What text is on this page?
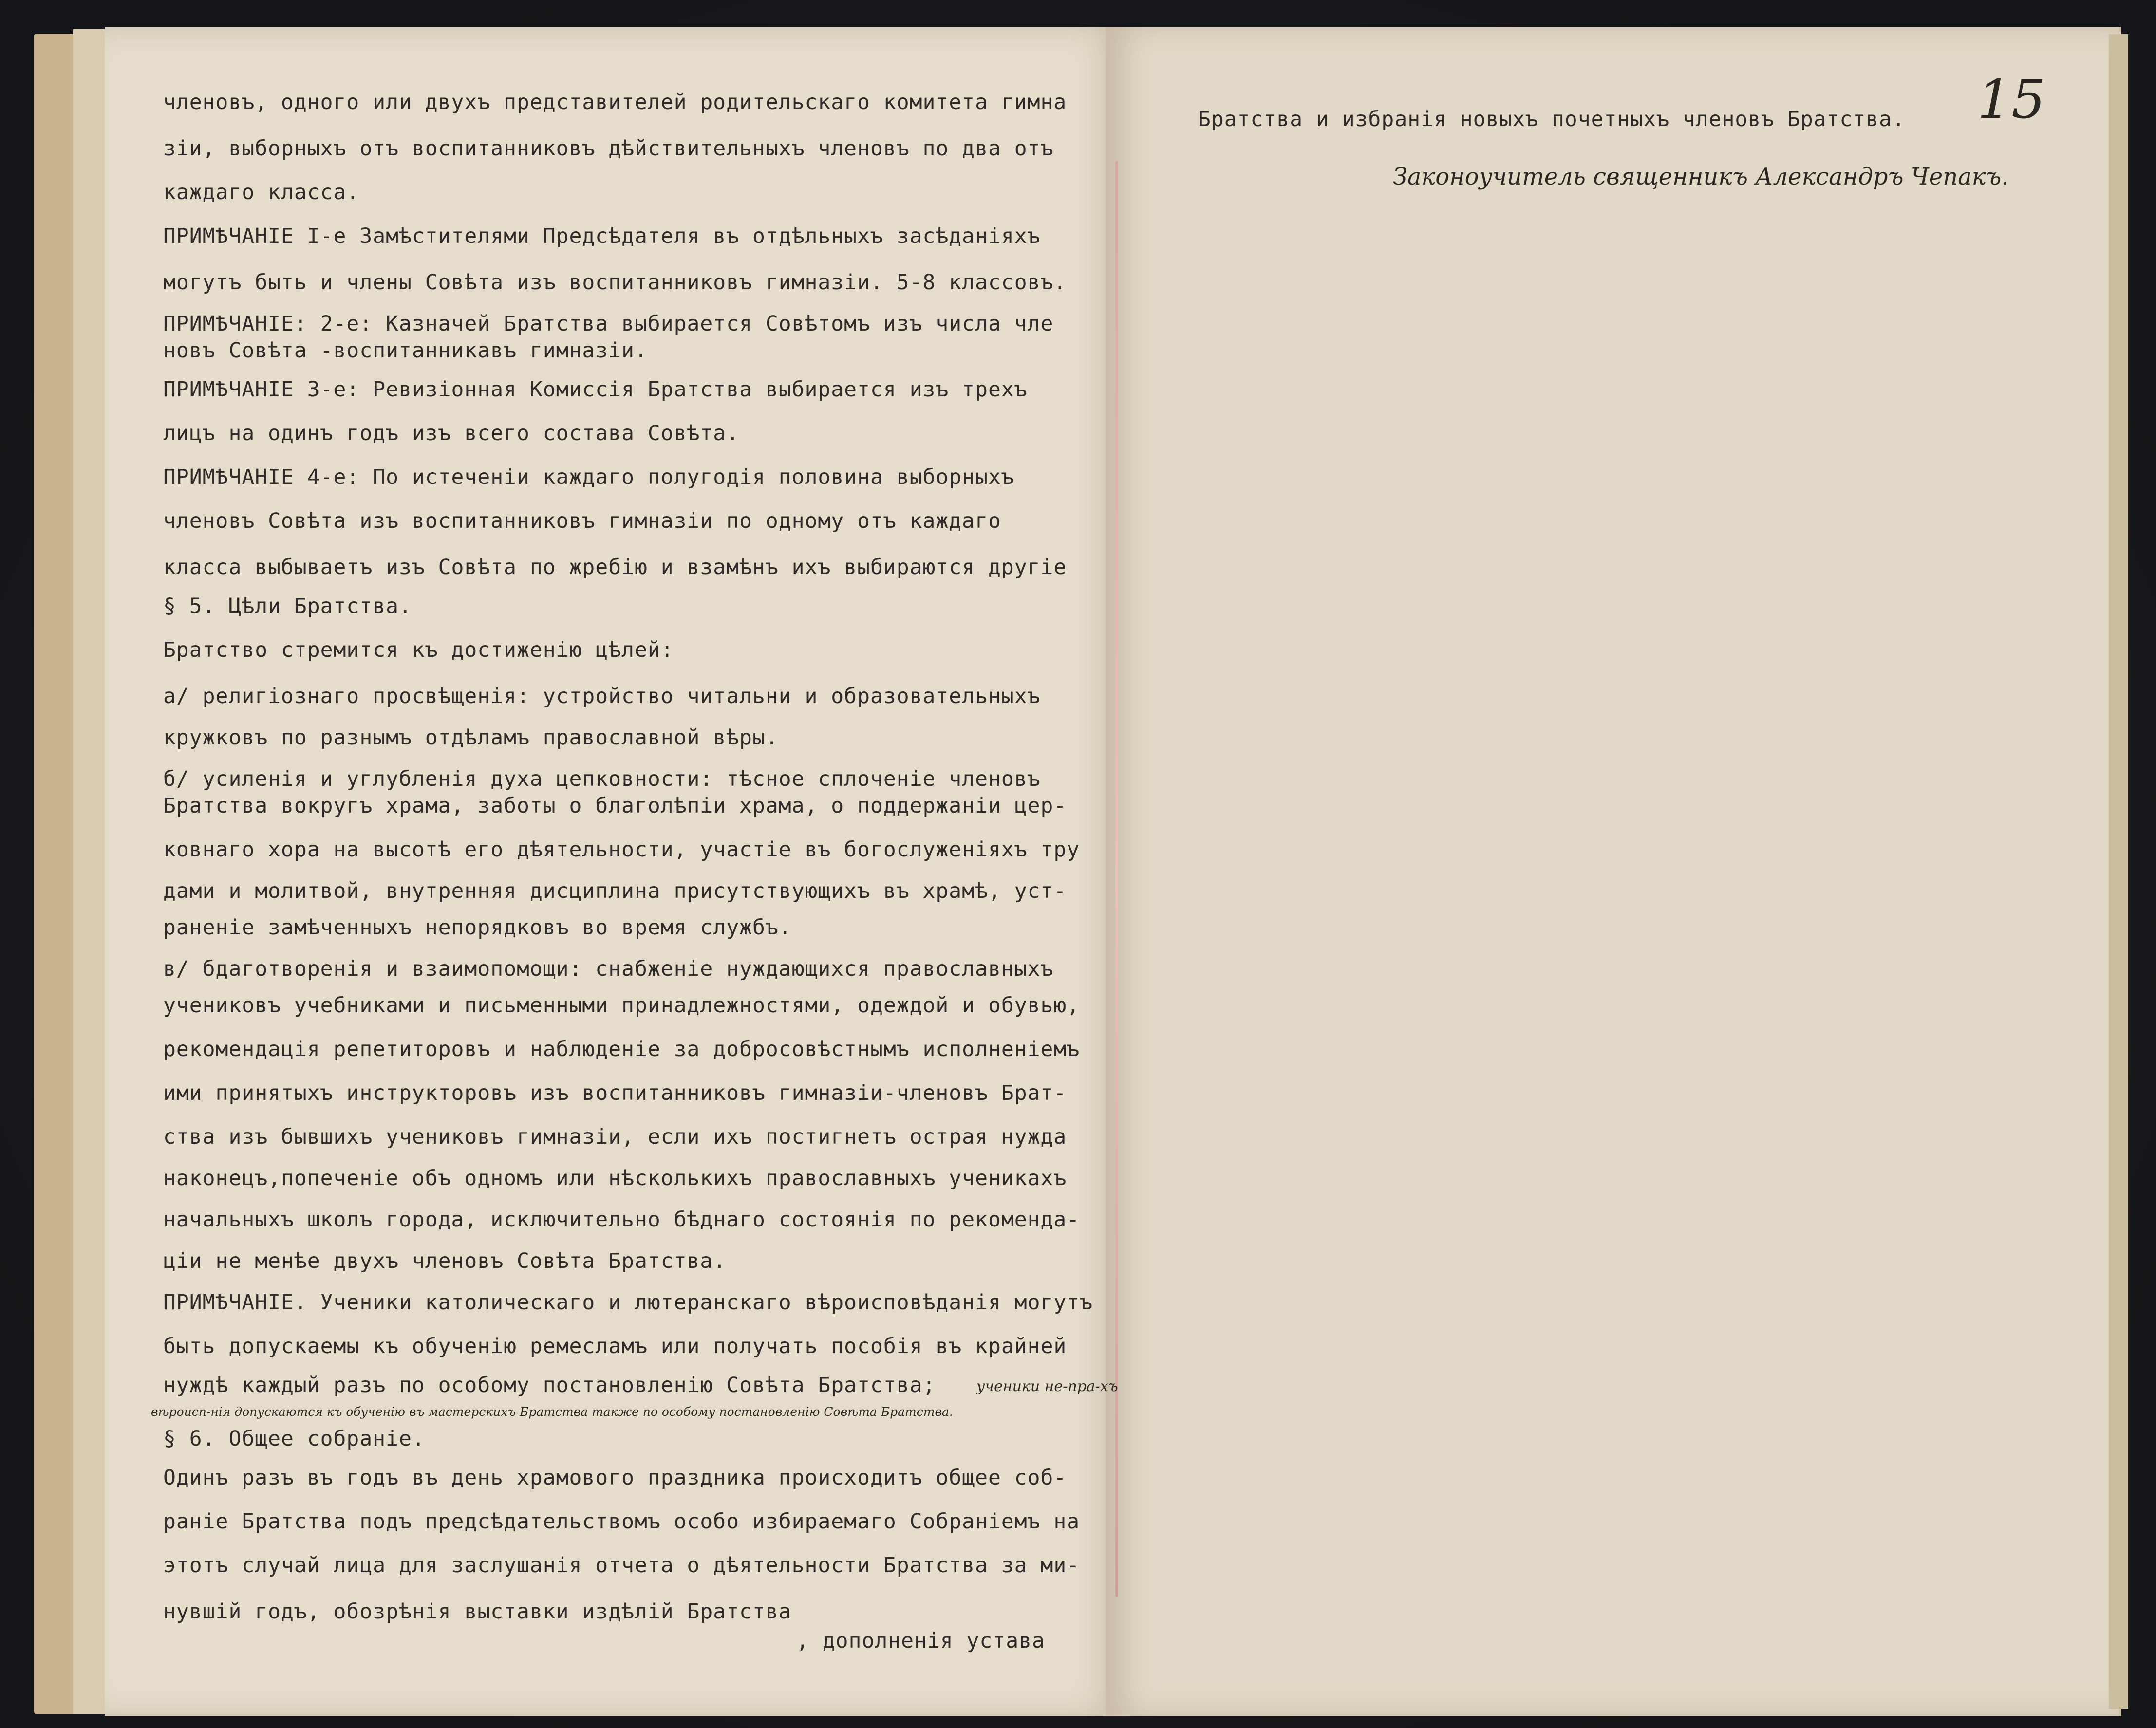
членовъ, одного или двухъ представителей родительскаго комитета гимна
зіи, выборныхъ отъ воспитанниковъ дѣйствительныхъ членовъ по два отъ
каждаго класса.
ПРИМѢЧАНІЕ I-е Замѣстителями Предсѣдателя въ отдѣльныхъ засѣданіяхъ
могутъ быть и члены Совѣта изъ воспитанниковъ гимназіи. 5-8 классовъ.
ПРИМѢЧАНІЕ: 2-е: Казначей Братства выбирается Совѣтомъ изъ числа чле
новъ Совѣта -воспитанникавъ гимназіи.
ПРИМѢЧАНІЕ 3-е: Ревизіонная Комиссія Братства выбирается изъ трехъ
лицъ на одинъ годъ изъ всего состава Совѣта.
ПРИМѢЧАНІЕ 4-е: По истеченіи каждаго полугодія половина выборныхъ
членовъ Совѣта изъ воспитанниковъ гимназіи по одному отъ каждаго
класса выбываетъ изъ Совѣта по жребію и взамѣнъ ихъ выбираются другіе
§ 5. Цѣли Братства.
Братство стремится къ достиженію цѣлей:
а/ религіознаго просвѣщенія: устройство читальни и образовательныхъ
кружковъ по разнымъ отдѣламъ православной вѣры.
б/ усиленія и углубленія духа цепковности: тѣсное сплоченіе членовъ
Братства вокругъ храма, заботы о благолѣпіи храма, о поддержаніи цер-
ковнаго хора на высотѣ его дѣятельности, участіе въ богослуженіяхъ тру
дами и молитвой, внутренняя дисциплина присутствующихъ въ храмѣ, уст-
раненіе замѣченныхъ непорядковъ во время службъ.
в/ бдаготворенія и взаимопомощи: снабженіе нуждающихся православныхъ
учениковъ учебниками и письменными принадлежностями, одеждой и обувью,
рекомендація репетиторовъ и наблюденіе за добросовѣстнымъ исполненіемъ
ими принятыхъ инструкторовъ изъ воспитанниковъ гимназіи-членовъ Брат-
ства изъ бывшихъ учениковъ гимназіи, если ихъ постигнетъ острая нужда
наконецъ,попеченіе объ одномъ или нѣсколькихъ православныхъ ученикахъ
начальныхъ школъ города, исключительно бѣднаго состоянія по рекоменда-
ціи не менѣе двухъ членовъ Совѣта Братства.
ПРИМѢЧАНІЕ. Ученики католическаго и лютеранскаго вѣроисповѣданія могутъ
быть допускаемы къ обученію ремесламъ или получать пособія въ крайней
нуждѣ каждый разъ по особому постановленію Совѣта Братства;
§ 6. Общее собраніе.
Одинъ разъ въ годъ въ день храмового праздника происходитъ общее соб-
раніе Братства подъ предсѣдательствомъ особо избираемаго Собраніемъ на
этотъ случай лица для заслушанія отчета о дѣятельности Братства за ми-
нувшій годъ, обозрѣнія выставки издѣлій Братства
, дополненія устава
ученики не-пра-хъ
вѣроисп-нія допускаются къ обученію въ мастерскихъ Братства также по особому постановленію Совѣта Братства.
15
Братства и избранія новыхъ почетныхъ членовъ Братства.
Законоучитель священникъ Александръ Чепакъ.
